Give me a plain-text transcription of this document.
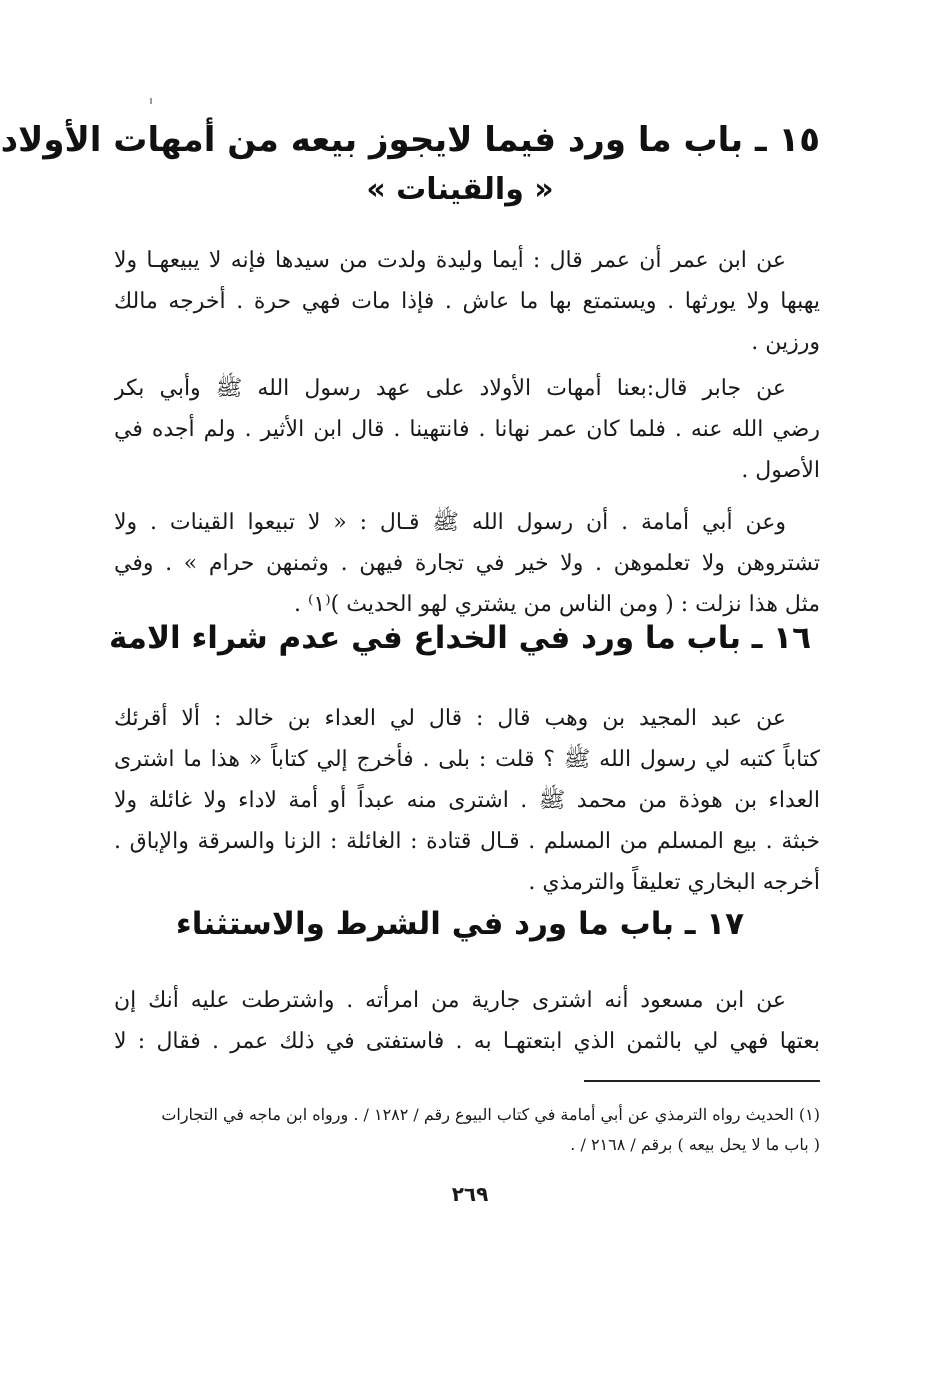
١٥ ـ باب ما ورد فيما لايجوز بيعه من أمهات الأولاد
« والقينات »
عن ابن عمر أن عمر قال : أيما وليدة ولدت من سيدها فإنه لا يبيعهـا ولا
يهبها ولا يورثها . ويستمتع بها ما عاش . فإذا مات فهي حرة . أخرجه مالك
ورزين .
عن جابر قال:بعنا أمهات الأولاد على عهد رسول الله ﷺ وأبي بكر
رضي الله عنه . فلما كان عمر نهانا . فانتهينا . قال ابن الأثير . ولم أجده في
الأصول .
وعن أبي أمامة . أن رسول الله ﷺ قـال : « لا تبيعوا القينات . ولا
تشتروهن ولا تعلموهن . ولا خير في تجارة فيهن . وثمنهن حرام » . وفي
مثل هذا نزلت : ( ومن الناس من يشتري لهو الحديث )⁽١⁾ .
١٦ ـ باب ما ورد في الخداع في عدم شراء الامة
عن عبد المجيد بن وهب قال : قال لي العداء بن خالد : ألا أقرئك
كتاباً كتبه لي رسول الله ﷺ ؟ قلت : بلى . فأخرج إلي كتاباً « هذا ما اشترى
العداء بن هوذة من محمد ﷺ . اشترى منه عبداً أو أمة لاداء ولا غائلة ولا
خبثة . بيع المسلم من المسلم . قـال قتادة : الغائلة : الزنا والسرقة والإباق .
أخرجه البخاري تعليقاً والترمذي .
١٧ ـ باب ما ورد في الشرط والاستثناء
عن ابن مسعود أنه اشترى جارية من امرأته . واشترطت عليه أنك إن
بعتها فهي لي بالثمن الذي ابتعتهـا به . فاستفتى في ذلك عمر . فقال : لا
(١) الحديث رواه الترمذي عن أبي أمامة في كتاب البيوع رقم / ١٢٨٢ / . ورواه ابن ماجه في التجارات
( باب ما لا يحل بيعه ) برقم / ٢١٦٨ / .
٢٦٩
